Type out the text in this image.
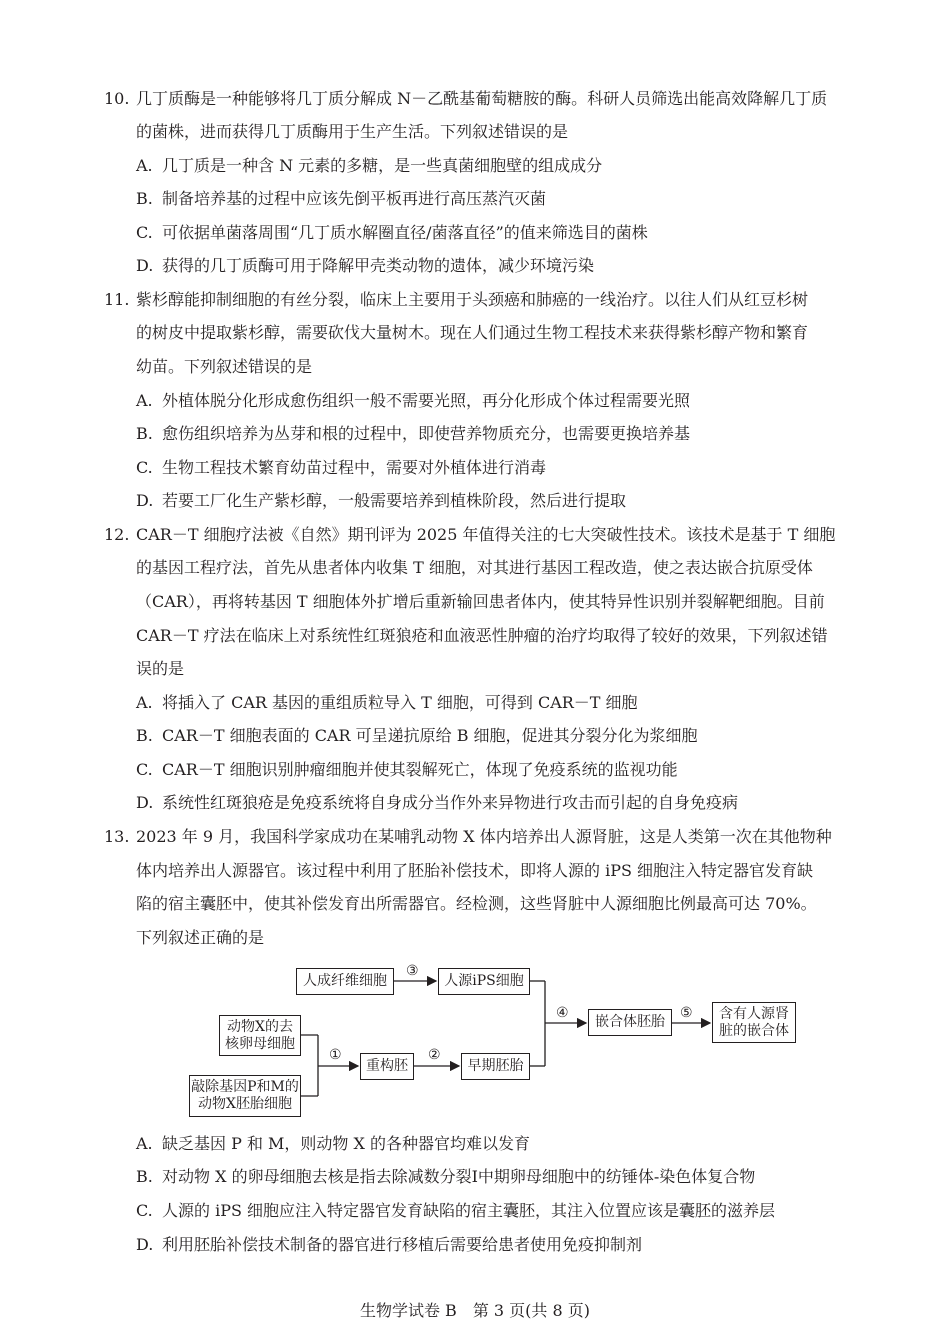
10. 几丁质酶是一种能够将几丁质分解成 N－乙酰基葡萄糖胺的酶。科研人员筛选出能高效降解几丁质
的菌株，进而获得几丁质酶用于生产生活。下列叙述错误的是
A. 几丁质是一种含 N 元素的多糖，是一些真菌细胞壁的组成成分
B. 制备培养基的过程中应该先倒平板再进行高压蒸汽灭菌
C. 可依据单菌落周围“几丁质水解圈直径/菌落直径”的值来筛选目的菌株
D. 获得的几丁质酶可用于降解甲壳类动物的遗体，减少环境污染
11. 紫杉醇能抑制细胞的有丝分裂，临床上主要用于头颈癌和肺癌的一线治疗。以往人们从红豆杉树
的树皮中提取紫杉醇，需要砍伐大量树木。现在人们通过生物工程技术来获得紫杉醇产物和繁育
幼苗。下列叙述错误的是
A. 外植体脱分化形成愈伤组织一般不需要光照，再分化形成个体过程需要光照
B. 愈伤组织培养为丛芽和根的过程中，即使营养物质充分，也需要更换培养基
C. 生物工程技术繁育幼苗过程中，需要对外植体进行消毒
D. 若要工厂化生产紫杉醇，一般需要培养到植株阶段，然后进行提取
12. CAR－T 细胞疗法被《自然》期刊评为 2025 年值得关注的七大突破性技术。该技术是基于 T 细胞
的基因工程疗法，首先从患者体内收集 T 细胞，对其进行基因工程改造，使之表达嵌合抗原受体
（CAR），再将转基因 T 细胞体外扩增后重新输回患者体内，使其特异性识别并裂解靶细胞。目前
CAR－T 疗法在临床上对系统性红斑狼疮和血液恶性肿瘤的治疗均取得了较好的效果，下列叙述错
误的是
A. 将插入了 CAR 基因的重组质粒导入 T 细胞，可得到 CAR－T 细胞
B. CAR－T 细胞表面的 CAR 可呈递抗原给 B 细胞，促进其分裂分化为浆细胞
C. CAR－T 细胞识别肿瘤细胞并使其裂解死亡，体现了免疫系统的监视功能
D. 系统性红斑狼疮是免疫系统将自身成分当作外来异物进行攻击而引起的自身免疫病
13. 2023 年 9 月，我国科学家成功在某哺乳动物 X 体内培养出人源肾脏，这是人类第一次在其他物种
体内培养出人源器官。该过程中利用了胚胎补偿技术，即将人源的 iPS 细胞注入特定器官发育缺
陷的宿主囊胚中，使其补偿发育出所需器官。经检测，这些肾脏中人源细胞比例最高可达 70%。
下列叙述正确的是
人成纤维细胞	人源iPS细胞
动物X的去
核卵母细胞
敲除基因P和M的
动物X胚胎细胞
重构胚	早期胚胎
嵌合体胚胎
含有人源肾
脏的嵌合体
③
①	②
④	⑤
A. 缺乏基因 P 和 M，则动物 X 的各种器官均难以发育
B. 对动物 X 的卵母细胞去核是指去除减数分裂Ⅰ中期卵母细胞中的纺锤体-染色体复合物
C. 人源的 iPS 细胞应注入特定器官发育缺陷的宿主囊胚，其注入位置应该是囊胚的滋养层
D. 利用胚胎补偿技术制备的器官进行移植后需要给患者使用免疫抑制剂
生物学试卷 B　第 3 页(共 8 页)
